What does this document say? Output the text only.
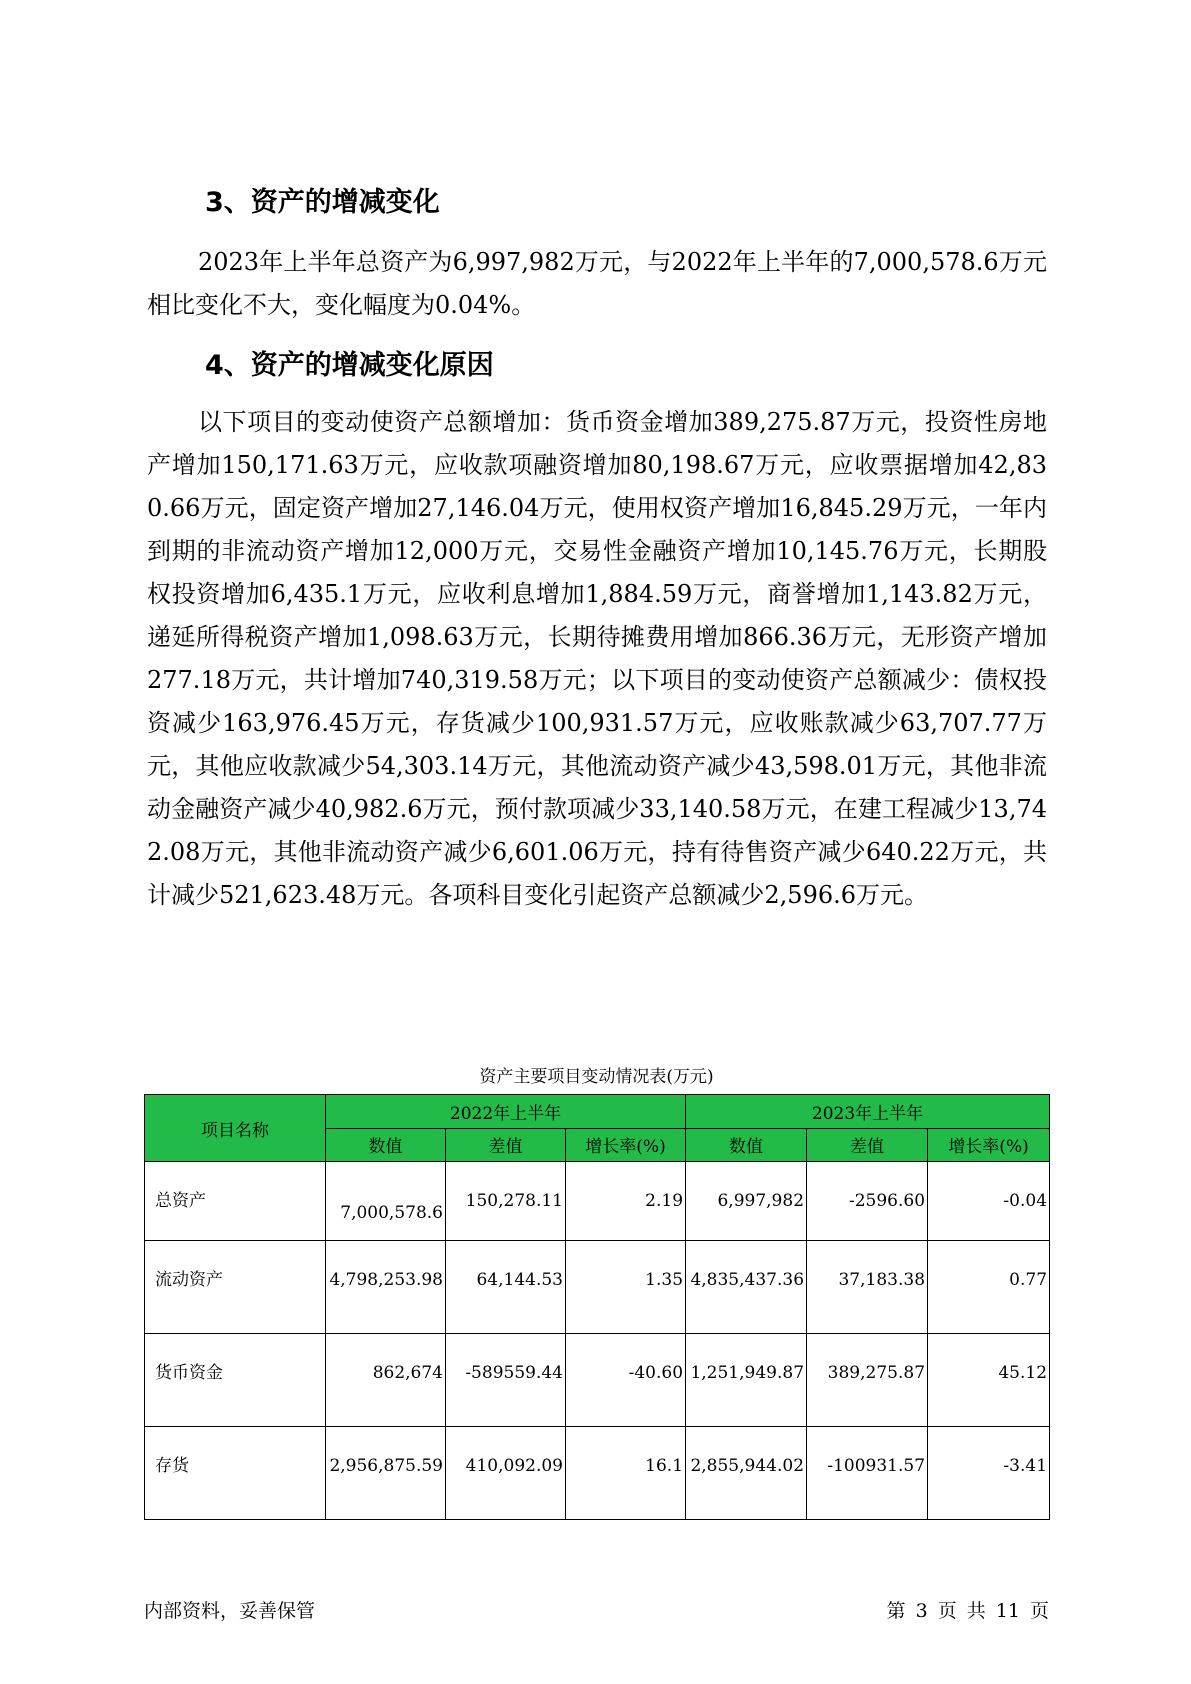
3、资产的增减变化

2023年上半年总资产为6,997,982万元，与2022年上半年的7,000,578.6万元相比变化不大，变化幅度为0.04%。

4、资产的增减变化原因

以下项目的变动使资产总额增加：货币资金增加389,275.87万元，投资性房地产增加150,171.63万元，应收款项融资增加80,198.67万元，应收票据增加42,830.66万元，固定资产增加27,146.04万元，使用权资产增加16,845.29万元，一年内到期的非流动资产增加12,000万元，交易性金融资产增加10,145.76万元，长期股权投资增加6,435.1万元，应收利息增加1,884.59万元，商誉增加1,143.82万元，递延所得税资产增加1,098.63万元，长期待摊费用增加866.36万元，无形资产增加277.18万元，共计增加740,319.58万元；以下项目的变动使资产总额减少：债权投资减少163,976.45万元，存货减少100,931.57万元，应收账款减少63,707.77万元，其他应收款减少54,303.14万元，其他流动资产减少43,598.01万元，其他非流动金融资产减少40,982.6万元，预付款项减少33,140.58万元，在建工程减少13,742.08万元，其他非流动资产减少6,601.06万元，持有待售资产减少640.22万元，共计减少521,623.48万元。各项科目变化引起资产总额减少2,596.6万元。

资产主要项目变动情况表(万元)
项目名称	2022年上半年			2023年上半年		
	数值	差值	增长率(%)	数值	差值	增长率(%)
总资产	7,000,578.6	150,278.11	2.19	6,997,982	-2596.60	-0.04
流动资产	4,798,253.98	64,144.53	1.35	4,835,437.36	37,183.38	0.77
货币资金	862,674	-589559.44	-40.60	1,251,949.87	389,275.87	45.12
存货	2,956,875.59	410,092.09	16.1	2,855,944.02	-100931.57	-3.41
内部资料，妥善保管	第 3 页 共 11 页
